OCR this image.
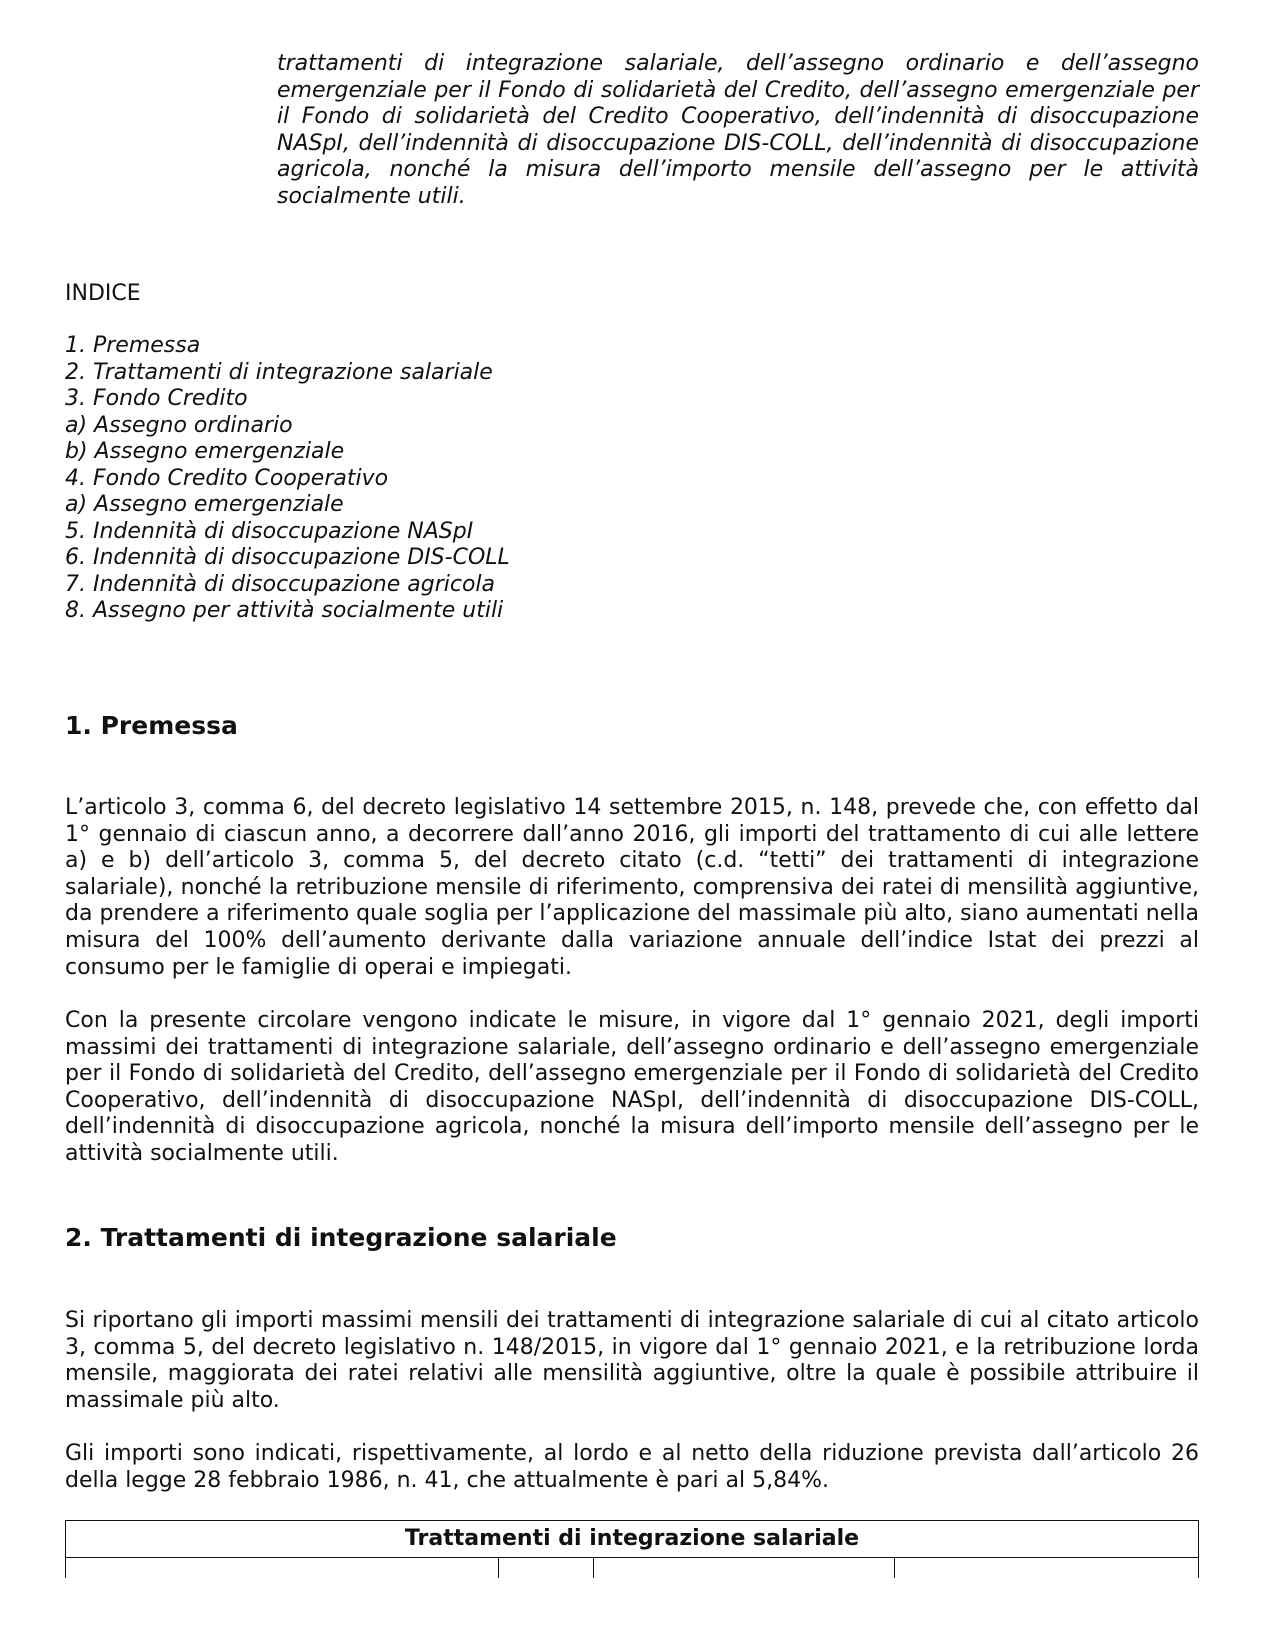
trattamenti di integrazione salariale, dell’assegno ordinario e dell’assegno emergenziale per il Fondo di solidarietà del Credito, dell’assegno emergenziale per il Fondo di solidarietà del Credito Cooperativo, dell’indennità di disoccupazione NASpI, dell’indennità di disoccupazione DIS-COLL, dell’indennità di disoccupazione agricola, nonché la misura dell’importo mensile dell’assegno per le attività socialmente utili.

INDICE
1. Premessa
2. Trattamenti di integrazione salariale
3. Fondo Credito
a) Assegno ordinario
b) Assegno emergenziale
4. Fondo Credito Cooperativo
a) Assegno emergenziale
5. Indennità di disoccupazione NASpI
6. Indennità di disoccupazione DIS-COLL
7. Indennità di disoccupazione agricola
8. Assegno per attività socialmente utili
1. Premessa

L’articolo 3, comma 6, del decreto legislativo 14 settembre 2015, n. 148, prevede che, con effetto dal 1° gennaio di ciascun anno, a decorrere dall’anno 2016, gli importi del trattamento di cui alle lettere a) e b) dell’articolo 3, comma 5, del decreto citato (c.d. “tetti” dei trattamenti di integrazione salariale), nonché la retribuzione mensile di riferimento, comprensiva dei ratei di mensilità aggiuntive, da prendere a riferimento quale soglia per l’applicazione del massimale più alto, siano aumentati nella misura del 100% dell’aumento derivante dalla variazione annuale dell’indice Istat dei prezzi al consumo per le famiglie di operai e impiegati.

Con la presente circolare vengono indicate le misure, in vigore dal 1° gennaio 2021, degli importi massimi dei trattamenti di integrazione salariale, dell’assegno ordinario e dell’assegno emergenziale per il Fondo di solidarietà del Credito, dell’assegno emergenziale per il Fondo di solidarietà del Credito Cooperativo, dell’indennità di disoccupazione NASpI, dell’indennità di disoccupazione DIS-COLL, dell’indennità di disoccupazione agricola, nonché la misura dell’importo mensile dell’assegno per le attività socialmente utili.

2. Trattamenti di integrazione salariale

Si riportano gli importi massimi mensili dei trattamenti di integrazione salariale di cui al citato articolo 3, comma 5, del decreto legislativo n. 148/2015, in vigore dal 1° gennaio 2021, e la retribuzione lorda mensile, maggiorata dei ratei relativi alle mensilità aggiuntive, oltre la quale è possibile attribuire il massimale più alto.

Gli importi sono indicati, rispettivamente, al lordo e al netto della riduzione prevista dall’articolo 26 della legge 28 febbraio 1986, n. 41, che attualmente è pari al 5,84%.

Trattamenti di integrazione salariale
